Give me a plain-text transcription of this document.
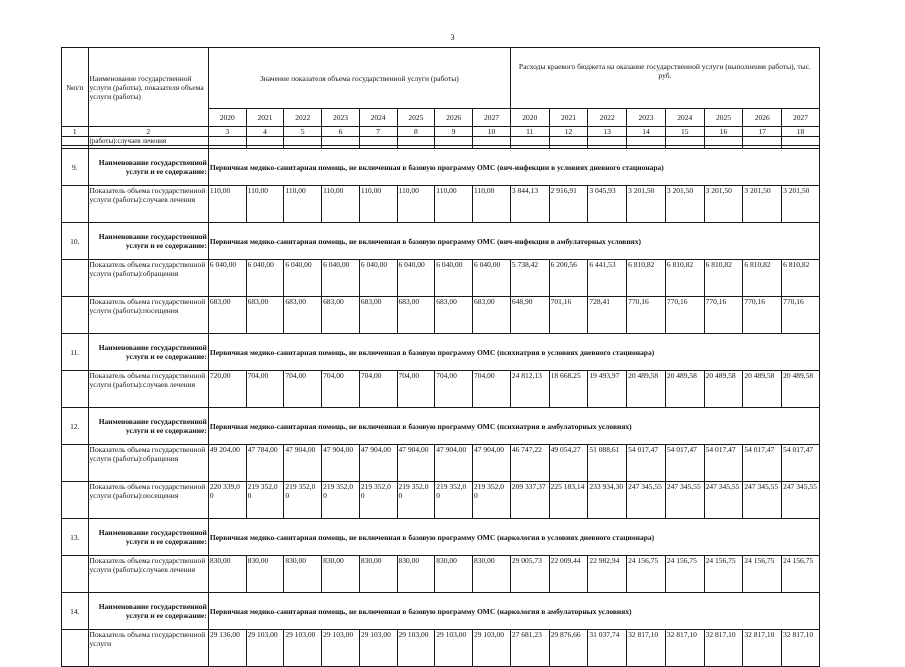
3
№п/п	Наименование государственной услуги (работы), показателя объема услуги (работы)	Значение показателя объема государственной услуги (работы)								Расходы краевого бюджета на оказание государственной услуги (выполнение работы), тыс. руб.							
		2020	2021	2022	2023	2024	2025	2026	2027	2020	2021	2022	2023	2024	2025	2026	2027
1	2	3	4	5	6	7	8	9	10	11	12	13	14	15	16	17	18
	(работы):случаев лечения																

9.	Наименование государственной услуги и ее содержание:	Первичная медико-санитарная помощь, не включенная в базовую программу ОМС (вич-инфекции в условиях дневного стационара)															
	Показатель объема государственной услуги (работы):случаев лечения	110,00	110,00	110,00	110,00	110,00	110,00	110,00	110,00	3 844,13	2 916,91	3 045,93	3 201,50	3 201,50	3 201,50	3 201,50	3 201,50
10.	Наименование государственной услуги и ее содержание:	Первичная медико-санитарная помощь, не включенная в базовую программу ОМС (вич-инфекция в амбулаторных условиях)															
	Показатель объема государственной услуги (работы):обращения	6 040,00	6 040,00	6 040,00	6 040,00	6 040,00	6 040,00	6 040,00	6 040,00	5 738,42	6 200,56	6 441,53	6 810,82	6 810,82	6 810,82	6 810,82	6 810,82
	Показатель объема государственной услуги (работы):посещения	683,00	683,00	683,00	683,00	683,00	683,00	683,00	683,00	648,90	701,16	728,41	770,16	770,16	770,16	770,16	770,16
11.	Наименование государственной услуги и ее содержание:	Первичная медико-санитарная помощь, не включенная в базовую программу ОМС (психиатрия в условиях дневного стационара)															
	Показатель объема государственной услуги (работы):случаев лечения	720,00	704,00	704,00	704,00	704,00	704,00	704,00	704,00	24 812,13	18 668,25	19 493,97	20 489,58	20 489,58	20 489,58	20 489,58	20 489,58
12.	Наименование государственной услуги и ее содержание:	Первичная медико-санитарная помощь, не включенная в базовую программу ОМС (психиатрия в амбулаторных условиях)															
	Показатель объема государственной услуги (работы):обращения	49 204,00	47 784,00	47 904,00	47 904,00	47 904,00	47 904,00	47 904,00	47 904,00	46 747,22	49 054,27	51 088,61	54 017,47	54 017,47	54 017,47	54 017,47	54 017,47
	Показатель объема государственной услуги (работы):посещения	220 339,0 0	219 352,0 0	219 352,0 0	219 352,0 0	219 352,0 0	219 352,0 0	219 352,0 0	219 352,0 0	209 337,37	225 183,14	233 934,30	247 345,55	247 345,55	247 345,55	247 345,55	247 345,55
13.	Наименование государственной услуги и ее содержание:	Первичная медико-санитарная помощь, не включенная в базовую программу ОМС (наркология в условиях дневного стационара)															
	Показатель объема государственной услуги (работы):случаев лечения	830,00	830,00	830,00	830,00	830,00	830,00	830,00	830,00	29 005,73	22 009,44	22 982,94	24 156,75	24 156,75	24 156,75	24 156,75	24 156,75
14.	Наименование государственной услуги и ее содержание:	Первичная медико-санитарная помощь, не включенная в базовую программу ОМС (наркология в амбулаторных условиях)															
	Показатель объема государственной услуги	29 136,00	29 103,00	29 103,00	29 103,00	29 103,00	29 103,00	29 103,00	29 103,00	27 681,23	29 876,66	31 037,74	32 817,10	32 817,10	32 817,10	32 817,10	32 817,10
